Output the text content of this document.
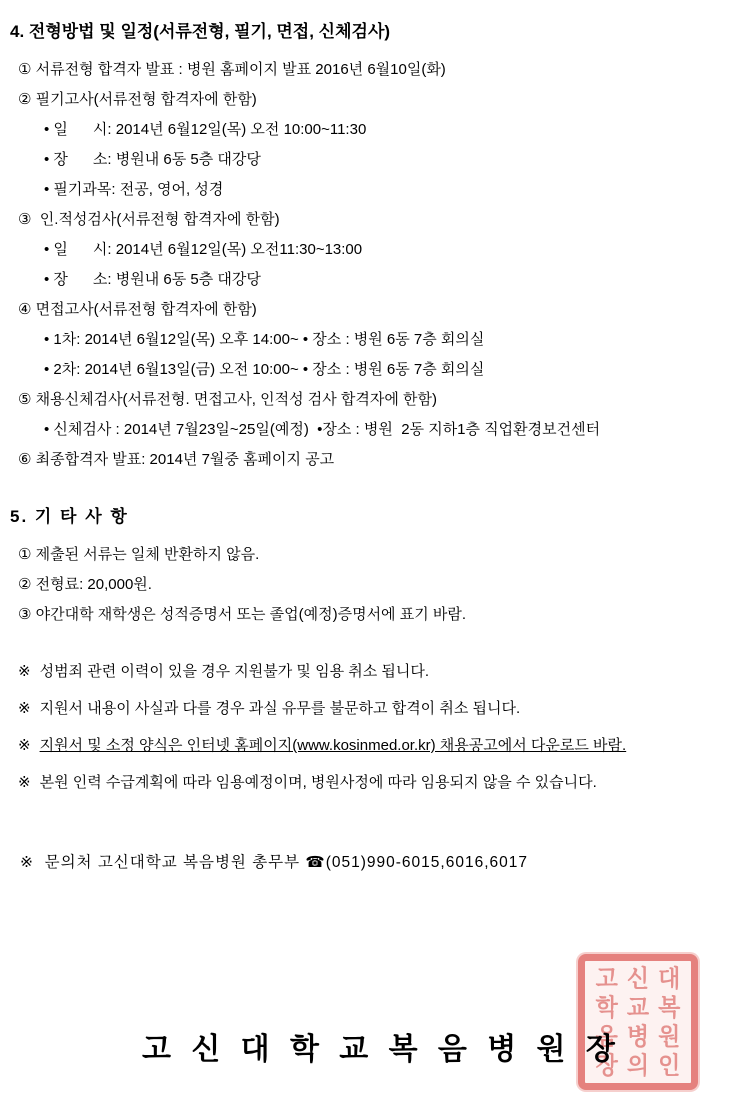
4. 전형방법 및 일정(서류전형, 필기, 면접, 신체검사)
① 서류전형 합격자 발표 : 병원 홈페이지 발표 2016년 6월10일(화)
② 필기고사(서류전형 합격자에 한함)
• 일      시: 2014년 6월12일(목) 오전 10:00~11:30
• 장      소: 병원내 6동 5층 대강당
• 필기과목: 전공, 영어, 성경
③  인.적성검사(서류전형 합격자에 한함)
• 일      시: 2014년 6월12일(목) 오전11:30~13:00
• 장      소: 병원내 6동 5층 대강당
④ 면접고사(서류전형 합격자에 한함)
• 1차: 2014년 6월12일(목) 오후 14:00~ • 장소 : 병원 6동 7층 회의실
• 2차: 2014년 6월13일(금) 오전 10:00~ • 장소 : 병원 6동 7층 회의실
⑤ 채용신체검사(서류전형. 면접고사, 인적성 검사 합격자에 한함)
• 신체검사 : 2014년 7월23일~25일(예정)  •장소 : 병원  2동 지하1층 직업환경보건센터
⑥ 최종합격자 발표: 2014년 7월중 홈페이지 공고
5. 기 타 사 항
① 제출된 서류는 일체 반환하지 않음.
② 전형료: 20,000원.
③ 야간대학 재학생은 성적증명서 또는 졸업(예정)증명서에 표기 바람.
※ 성범죄 관련 이력이 있을 경우 지원불가 및 임용 취소 됩니다.
※ 지원서 내용이 사실과 다를 경우 과실 유무를 불문하고 합격이 취소 됩니다.
※ 지원서 및 소정 양식은 인터넷 홈페이지(www.kosinmed.or.kr) 채용공고에서 다운로드 바람.
※ 본원 인력 수급계획에 따라 임용예정이며, 병원사정에 따라 임용되지 않을 수 있습니다.
※  문의처 고신대학교 복음병원 총무부 ☎(051)990-6015,6016,6017
고 신 대 학 교 복 음 병 원 장
고신대
학교복
음병원
장의인
